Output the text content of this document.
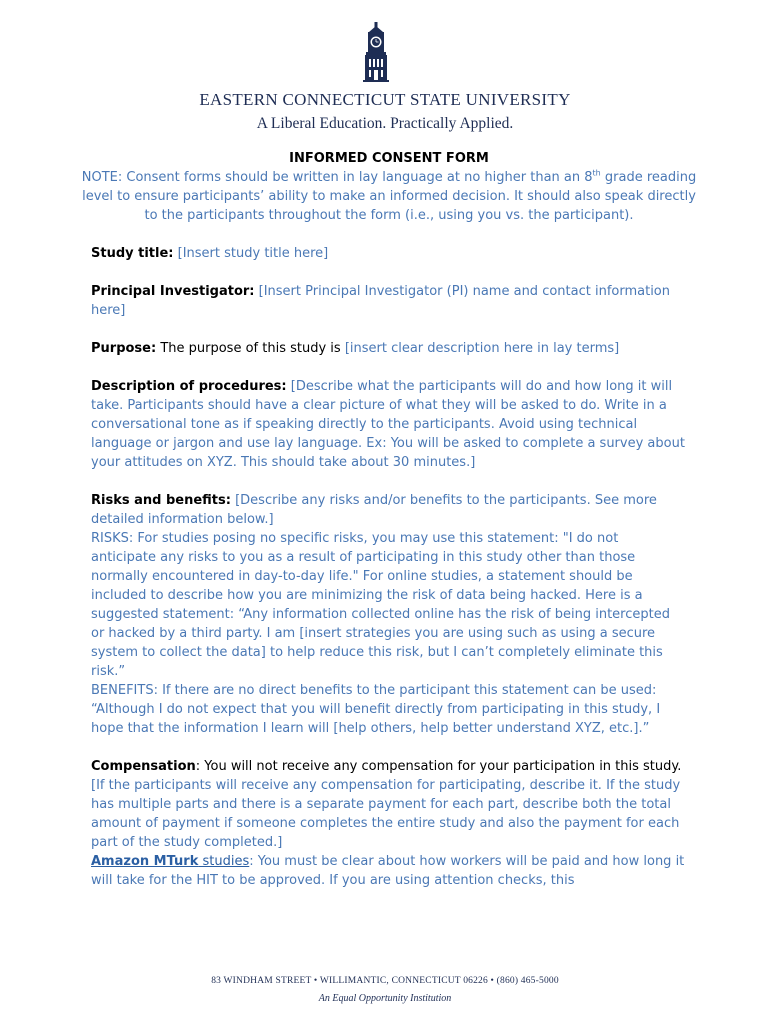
EASTERN CONNECTICUT STATE UNIVERSITY
A Liberal Education. Practically Applied.

INFORMED CONSENT FORM

NOTE: Consent forms should be written in lay language at no higher than an 8th grade reading level to ensure participants’ ability to make an informed decision. It should also speak directly to the participants throughout the form (i.e., using you vs. the participant).

Study title: [Insert study title here]

Principal Investigator: [Insert Principal Investigator (PI) name and contact information here]

Purpose: The purpose of this study is [insert clear description here in lay terms]

Description of procedures: [Describe what the participants will do and how long it will take. Participants should have a clear picture of what they will be asked to do. Write in a conversational tone as if speaking directly to the participants. Avoid using technical language or jargon and use lay language. Ex: You will be asked to complete a survey about your attitudes on XYZ. This should take about 30 minutes.]

Risks and benefits: [Describe any risks and/or benefits to the participants. See more detailed information below.]

RISKS: For studies posing no specific risks, you may use this statement: "I do not anticipate any risks to you as a result of participating in this study other than those normally encountered in day-to-day life." For online studies, a statement should be included to describe how you are minimizing the risk of data being hacked. Here is a suggested statement: “Any information collected online has the risk of being intercepted or hacked by a third party. I am [insert strategies you are using such as using a secure system to collect the data] to help reduce this risk, but I can’t completely eliminate this risk.”

BENEFITS: If there are no direct benefits to the participant this statement can be used: “Although I do not expect that you will benefit directly from participating in this study, I hope that the information I learn will [help others, help better understand XYZ, etc.].”

Compensation: You will not receive any compensation for your participation in this study. [If the participants will receive any compensation for participating, describe it. If the study has multiple parts and there is a separate payment for each part, describe both the total amount of payment if someone completes the entire study and also the payment for each part of the study completed.]

Amazon MTurk studies: You must be clear about how workers will be paid and how long it will take for the HIT to be approved. If you are using attention checks, this

83 WINDHAM STREET • WILLIMANTIC, CONNECTICUT 06226 • (860) 465-5000
An Equal Opportunity Institution
